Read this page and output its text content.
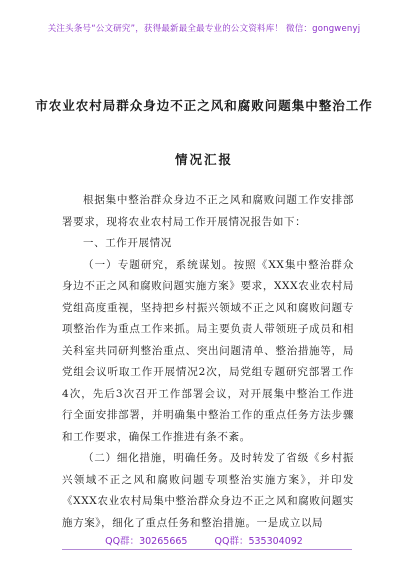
关注头条号“公文研究”，获得最新最全最专业的公文资料库！ 微信：gongwenyj
市农业农村局群众身边不正之风和腐败问题集中整治工作
情况汇报

根据集中整治群众身边不正之风和腐败问题工作安排部署要求，现将农业农村局工作开展情况报告如下：

一、工作开展情况

（一）专题研究，系统谋划。按照《XX集中整治群众身边不正之风和腐败问题实施方案》要求，XXX农业农村局党组高度重视，坚持把乡村振兴领域不正之风和腐败问题专项整治作为重点工作来抓。局主要负责人带领班子成员和相关科室共同研判整治重点、突出问题清单、整治措施等，局党组会议听取工作开展情况2次，局党组专题研究部署工作4次，先后3次召开工作部署会议，对开展集中整治工作进行全面安排部署，并明确集中整治工作的重点任务方法步骤和工作要求，确保工作推进有条不紊。

（二）细化措施，明确任务。及时转发了省级《乡村振兴领域不正之风和腐败问题专项整治实施方案》，并印发《XXX农业农村局集中整治群众身边不正之风和腐败问题实施方案》，细化了重点任务和整治措施。一是成立以局

QQ群：30265665	QQ群：535304092
